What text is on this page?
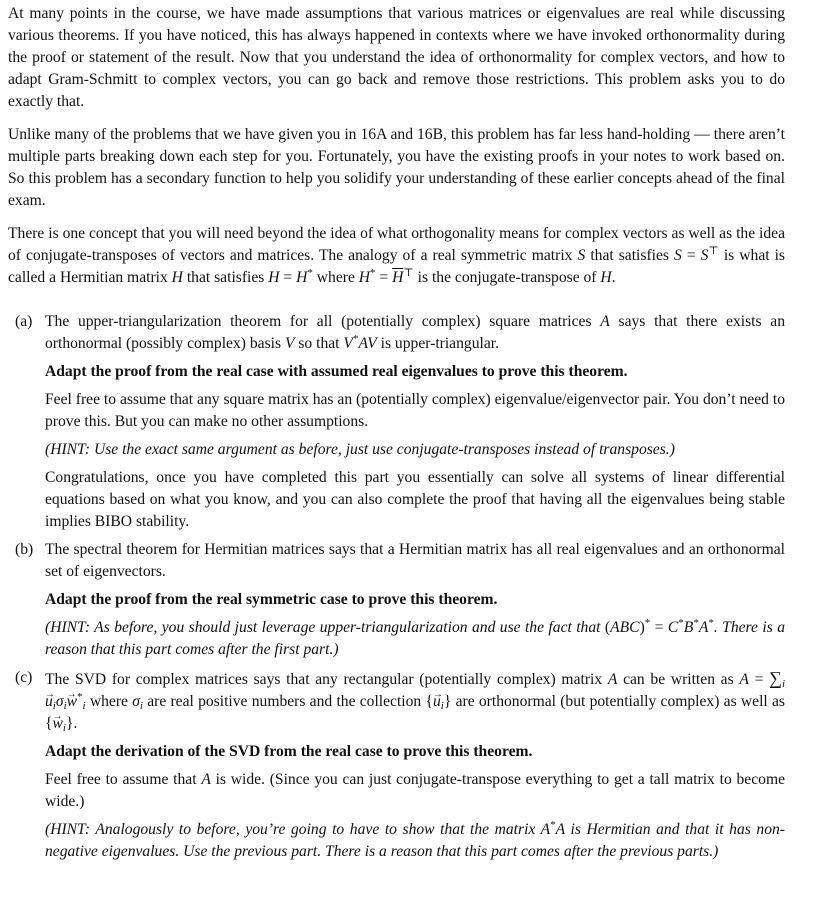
At many points in the course, we have made assumptions that various matrices or eigenvalues are real while discussing various theorems. If you have noticed, this has always happened in contexts where we have invoked orthonormality during the proof or statement of the result. Now that you understand the idea of orthonormality for complex vectors, and how to adapt Gram-Schmitt to complex vectors, you can go back and remove those restrictions. This problem asks you to do exactly that.

Unlike many of the problems that we have given you in 16A and 16B, this problem has far less hand-holding — there aren’t multiple parts breaking down each step for you. Fortunately, you have the existing proofs in your notes to work based on. So this problem has a secondary function to help you solidify your understanding of these earlier concepts ahead of the final exam.

There is one concept that you will need beyond the idea of what orthogonality means for complex vectors as well as the idea of conjugate-transposes of vectors and matrices. The analogy of a real symmetric matrix S that satisfies S = S⊤ is what is called a Hermitian matrix H that satisfies H = H* where $H^* = \overline{H}^⊤$ is the conjugate-transpose of H.

(a) The upper-triangularization theorem for all (potentially complex) square matrices A says that there exists an orthonormal (possibly complex) basis V so that V*AV is upper-triangular.

Adapt the proof from the real case with assumed real eigenvalues to prove this theorem.

Feel free to assume that any square matrix has an (potentially complex) eigenvalue/eigenvector pair. You don’t need to prove this. But you can make no other assumptions.

(HINT: Use the exact same argument as before, just use conjugate-transposes instead of transposes.)

Congratulations, once you have completed this part you essentially can solve all systems of linear differential equations based on what you know, and you can also complete the proof that having all the eigenvalues being stable implies BIBO stability.

(b) The spectral theorem for Hermitian matrices says that a Hermitian matrix has all real eigenvalues and an orthonormal set of eigenvectors.

Adapt the proof from the real symmetric case to prove this theorem.

(HINT: As before, you should just leverage upper-triangularization and use the fact that (ABC)* = C*B*A*. There is a reason that this part comes after the first part.)

(c) The SVD for complex matrices says that any rectangular (potentially complex) matrix A can be written as $A = \sum_i$ $u \to_i\sigma_iw \to^*_i$ where $\sigma_i$ are real positive numbers and the collection $\{u \to_i\}$ are orthonormal (but potentially complex) as well as $\{w \to_i\}$.

Adapt the derivation of the SVD from the real case to prove this theorem.

Feel free to assume that A is wide. (Since you can just conjugate-transpose everything to get a tall matrix to become wide.)

(HINT: Analogously to before, you’re going to have to show that the matrix A*A is Hermitian and that it has non-negative eigenvalues. Use the previous part. There is a reason that this part comes after the previous parts.)
